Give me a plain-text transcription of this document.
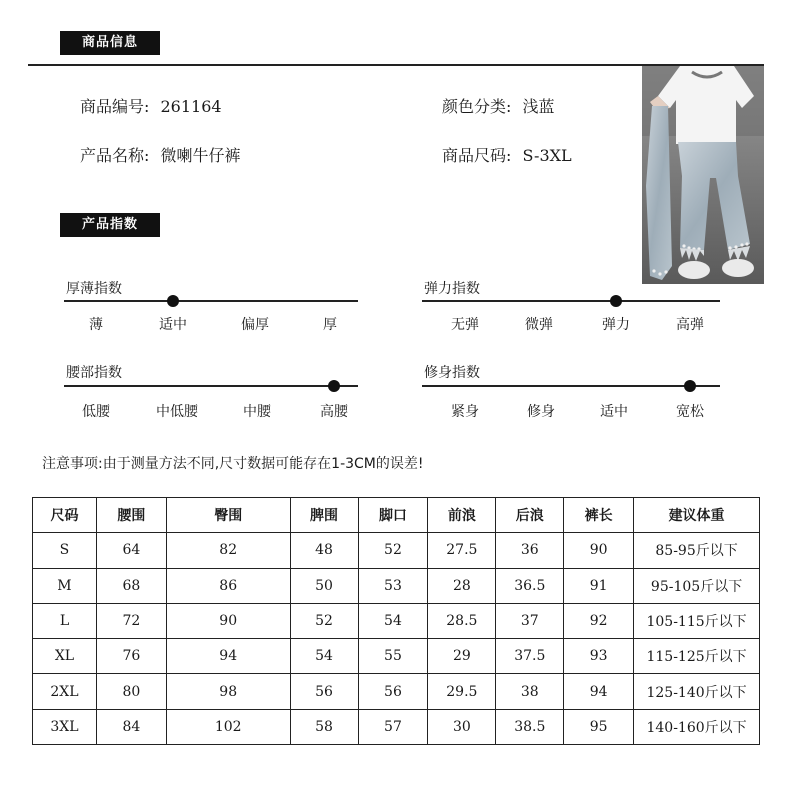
商品信息
商品编号: 261164	颜色分类: 浅蓝
产品名称: 微喇牛仔裤	商品尺码: S-3XL
产品指数
厚薄指数
薄	适中	偏厚	厚
弹力指数
无弹	微弹	弹力	高弹
腰部指数
低腰	中低腰	中腰	高腰
修身指数
紧身	修身	适中	宽松
注意事项:由于测量方法不同,尺寸数据可能存在1-3CM的误差!
尺码	腰围	臀围	脾围	脚口	前浪	后浪	裤长	建议体重
S	64	82	48	52	27.5	36	90	85-95斤以下
M	68	86	50	53	28	36.5	91	95-105斤以下
L	72	90	52	54	28.5	37	92	105-115斤以下
XL	76	94	54	55	29	37.5	93	115-125斤以下
2XL	80	98	56	56	29.5	38	94	125-140斤以下
3XL	84	102	58	57	30	38.5	95	140-160斤以下
